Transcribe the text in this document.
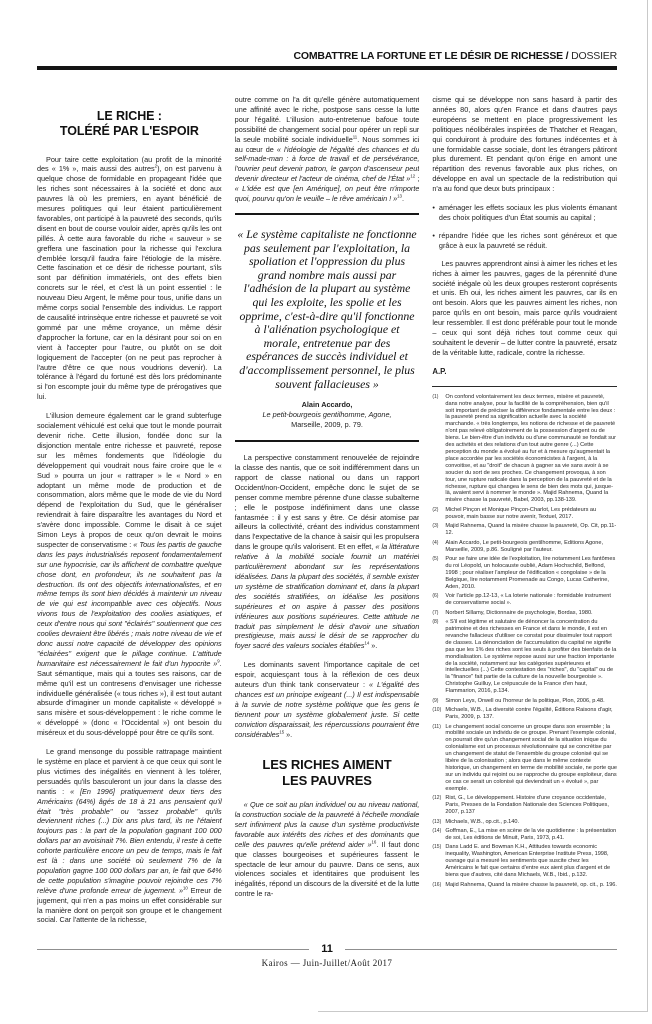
COMBATTRE LA FORTUNE ET LE DÉSIR DE RICHESSE / DOSSIER
LE RICHE :
TOLÉRÉ PAR L'ESPOIR

Pour taire cette exploitation (au profit de la minorité des « 1% », mais aussi des autres$^2$), on est parvenu à quelque chose de formidable en propageant l'idée que les riches sont nécessaires à la société et donc aux pauvres là où les premiers, en ayant bénéficié de mesures politiques qui leur étaient particulièrement favorables, ont participé à la pauvreté des seconds, qu'ils disent en bout de course vouloir aider, après qu'ils les ont pillés. À cette aura favorable du riche « sauveur » se greffera une fascination pour la richesse qui l'exclura d'emblée lorsqu'il faudra faire l'étiologie de la misère. Cette fascination et ce désir de richesse pourtant, s'ils sont par définition immatériels, ont des effets bien concrets sur le réel, et c'est là un point essentiel : le nouveau Dieu Argent, le même pour tous, unifie dans un même corps social l'ensemble des individus. Le rapport de causalité intrinsèque entre richesse et pauvreté se voit gommé par une même croyance, un même désir d'approcher la fortune, car en la désirant pour soi on en vient à l'accepter pour l'autre, ou plutôt on se doit logiquement de l'accepter (on ne peut pas reprocher à l'autre d'être ce que nous voudrions devenir). La tolérance à l'égard du fortuné est dès lors prédominante si l'on escompte jouir du même type de prérogatives que lui.

L'illusion demeure également car le grand subterfuge socialement véhiculé est celui que tout le monde pourrait devenir riche. Cette illusion, fondée donc sur la disjonction mentale entre richesse et pauvreté, repose sur les mêmes fondements que l'idéologie du développement qui voudrait nous faire croire que le « Sud » pourra un jour « rattraper » le « Nord » en adoptant un même mode de production et de consommation, alors même que le mode de vie du Nord dépend de l'exploitation du Sud, que le généraliser reviendrait à faire disparaître les avantages du Nord et s'avère donc impossible. Comme le disait à ce sujet Simon Leys à propos de ceux qu'on devrait le moins suspecter de conservatisme : « Tous les partis de gauche dans les pays industrialisés reposent fondamentalement sur une hypocrisie, car ils affichent de combattre quelque chose dont, en profondeur, ils ne souhaitent pas la destruction. Ils ont des objectifs internationalistes, et en même temps ils sont bien décidés à maintenir un niveau de vie qui est incompatible avec ces objectifs. Nous vivons tous de l'exploitation des coolies asiatiques, et ceux d'entre nous qui sont "éclairés" soutiennent que ces coolies devraient être libérés ; mais notre niveau de vie et donc aussi notre capacité de développer des opinions "éclairées" exigent que le pillage continue. L'attitude humanitaire est nécessairement le fait d'un hypocrite »$^9$. Saut sémantique, mais qui a toutes ses raisons, car de même qu'il est un contresens d'envisager une richesse individuelle généralisée (« tous riches »), il est tout autant absurde d'imaginer un monde capitaliste « développé » sans misère et sous-développement : le riche comme le « développé » (donc « l'Occidental ») ont besoin du miséreux et du sous-développé pour être ce qu'ils sont.

Le grand mensonge du possible rattrapage maintient le système en place et parvient à ce que ceux qui sont le plus victimes des inégalités en viennent à les tolérer, persuadés qu'ils basculeront un jour dans la classe des nantis : « [En 1996] pratiquement deux tiers des Américains (64%) âgés de 18 à 21 ans pensaient qu'il était "très probable" ou "assez probable" qu'ils deviennent riches (...) Dix ans plus tard, ils ne l'étaient toujours pas : la part de la population gagnant 100 000 dollars par an avoisinait 7%. Bien entendu, il reste à cette cohorte particulière encore un peu de temps, mais le fait est là : dans une société où seulement 7% de la population gagne 100 000 dollars par an, le fait que 64% de cette population s'imagine pouvoir rejoindre ces 7% relève d'une profonde erreur de jugement. »$^{10}$ Erreur de jugement, qui n'en a pas moins un effet considérable sur la manière dont on perçoit son groupe et le changement social. Car l'attente de la richesse,

outre comme on l'a dit qu'elle génère automatiquement une affinité avec le riche, postpose sans cesse la lutte pour l'égalité. L'illusion auto-entretenue bafoue toute possibilité de changement social pour opérer un repli sur la seule mobilité sociale individuelle$^{11}$. Nous sommes ici au cœur de « l'idéologie de l'égalité des chances et du self-made-man : à force de travail et de persévérance, l'ouvrier peut devenir patron, le garçon d'ascenseur peut devenir directeur et l'acteur de cinéma, chef de l'État »$^{12}$ ; « L'idée est que [en Amérique], on peut être n'importe quoi, pourvu qu'on le veuille – le rêve américain ! »$^{13}$.

« Le système capitaliste ne fonctionne pas seulement par l'exploitation, la spoliation et l'oppression du plus grand nombre mais aussi par l'adhésion de la plupart au système qui les exploite, les spolie et les opprime, c'est-à-dire qu'il fonctionne à l'aliénation psychologique et morale, entretenue par des espérances de succès individuel et d'accomplissement personnel, le plus souvent fallacieuses »
Alain Accardo,
Le petit-bourgeois gentilhomme, Agone,
Marseille, 2009, p. 79.

La perspective constamment renouvelée de rejoindre la classe des nantis, que ce soit indifféremment dans un rapport de classe national ou dans un rapport Occident/non-Occident, empêche donc le sujet de se penser comme membre pérenne d'une classe subalterne ; elle le postpose indéfiniment dans une classe fantasmée : il y est sans y être. Ce désir atomise par ailleurs la collectivité, créant des individus constamment dans l'expectative de la chance à saisir qui les propulsera dans le groupe qu'ils valorisent. Et en effet, « la littérature relative à la mobilité sociale fournit un matériel particulièrement abondant sur les représentations idéalisées. Dans la plupart des sociétés, il semble exister un système de stratification dominant et, dans la plupart des sociétés stratifiées, on idéalise les positions supérieures et on aspire à passer des positions inférieures aux positions supérieures. Cette attitude ne traduit pas simplement le désir d'avoir une situation prestigieuse, mais aussi le désir de se rapprocher du foyer sacré des valeurs sociales établies$^{14}$ ».

Les dominants savent l'importance capitale de cet espoir, acquiesçant tous à la réflexion de ces deux auteurs d'un think tank conservateur : « L'égalité des chances est un principe exigeant (...) Il est indispensable à la survie de notre système politique que les gens le tiennent pour un système globalement juste. Si cette conviction disparaissait, les répercussions pourraient être considérables$^{15}$ ».

LES RICHES AIMENT
LES PAUVRES

« Que ce soit au plan individuel ou au niveau national, la construction sociale de la pauvreté à l'échelle mondiale sert infiniment plus la cause d'un système productiviste favorable aux intérêts des riches et des dominants que celle des pauvres qu'elle prétend aider »$^{16}$. Il faut donc que classes bourgeoises et supérieures fassent le spectacle de leur amour du pauvre. Dans ce sens, aux violences sociales et identitaires que produisent les inégalités, répond un discours de la diversité et de la lutte contre le ra-

cisme qui se développe non sans hasard à partir des années 80, alors qu'en France et dans d'autres pays européens se mettent en place progressivement les politiques néolibérales inspirées de Thatcher et Reagan, qui conduiront à produire des fortunes indécentes et à une formidable casse sociale, dont les étrangers pâtiront plus durement. Et pendant qu'on érige en amont une répartition des revenus favorable aux plus riches, on développe en aval un spectacle de la redistribution qui n'a au fond que deux buts principaux :

• aménager les effets sociaux les plus violents émanant des choix politiques d'un État soumis au capital ;
• répandre l'idée que les riches sont généreux et que grâce à eux la pauvreté se réduit.

Les pauvres apprendront ainsi à aimer les riches et les riches à aimer les pauvres, gages de la pérennité d'une société inégale où les deux groupes resteront coprésents et unis. Eh oui, les riches aiment les pauvres, car ils en ont besoin. Alors que les pauvres aiment les riches, non parce qu'ils en ont besoin, mais parce qu'ils voudraient leur ressembler. Il est donc préférable pour tout le monde – ceux qui sont déjà riches tout comme ceux qui souhaitent le devenir – de lutter contre la pauvreté, ersatz de la véritable lutte, radicale, contre la richesse.

A.P.
(1)	On confond volontairement les deux termes, misère et pauvreté, dans notre analyse, pour la facilité de la compréhension, bien qu'il soit important de préciser la différence fondamentale entre les deux : la pauvreté prend sa signification actuelle avec la société marchande. « très longtemps, les notions de richesse et de pauvreté n'ont pas relevé obligatoirement de la possession d'argent ou de biens. Le bien-être d'un individu ou d'une communauté se fondait sur des activités et des relations d'un tout autre genre (...) Cette perception du monde a évolué au fur et à mesure qu'augmentait la place accordée par les sociétés économicistes à l'argent, à la convoitise, et au "droit" de chacun à gagner sa vie sans avoir à se soucier du sort de ses proches. Ce changement provoqua, à son tour, une rupture radicale dans la perception de la pauvreté et de la richesse, rupture qui changea le sens de bien des mots qui, jusque-là, avaient servi à nommer le monde ». Majid Rahnema, Quand la misère chasse la pauvreté, Babel, 2003, pp.138-139.
(2)	Michel Pinçon et Monique Pinçon-Charlot, Les prédateurs au pouvoir, main basse sur notre avenir, Textuel, 2017.
(3)	Majid Rahnema, Quand la misère chasse la pauvreté, Op. Cit, pp.11-12.
(4)	Alain Accardo, Le petit-bourgeois gentilhomme, Editions Agone, Marseille, 2009, p.86. Souligné par l'auteur.
(5)	Pour se faire une idée de l'exploitation, lire notamment Les fantômes du roi Léopold, un holocauste oublié, Adam Hochschild, Belfond, 1998 ; pour réaliser l'ampleur de l'édification « congolaise » de la Belgique, lire notamment Promenade au Congo, Lucas Catherine, Aden, 2010.
(6)	Voir l'article pp.12-13, « La loterie nationale : formidable instrument de conservatisme social ».
(7)	Norbert Sillamy, Dictionnaire de psychologie, Bordas, 1980.
(8)	« S'il est légitime et salutaire de dénoncer la concentration du patrimoine et des richesses en France et dans le monde, il est en revanche fallacieux d'utiliser ce constat pour dissimuler tout rapport de classes. La dénonciation de l'accumulation du capital ne signifie pas que les 1% des riches sont les seuls à profiter des bienfaits de la mondialisation. Le système repose aussi sur une fraction importante de la société, notamment sur les catégories supérieures et intellectuelles (...) Cette contestation des "riches", du "capital" ou de la "finance" fait partie de la culture de la nouvelle bourgeoisie ». Christophe Guilluy, Le crépuscule de la France d'en haut, Flammarion, 2016, p.134.
(9)	Simon Leys, Orwell ou l'horreur de la politique, Plon, 2006, p.48.
(10) Michaels, W.B., La diversité contre l'égalité, Éditions Raisons d'agir, Paris, 2009, p. 137.
(11) Le changement social concerne un groupe dans son ensemble ; la mobilité sociale un individu de ce groupe. Prenant l'exemple colonial, on pourrait dire qu'un changement social de la situation inique du colonialisme est un processus révolutionnaire qui se concrétise par un changement de statut de l'ensemble du groupe colonisé qui se libère de la colonisation ; alors que dans le même contexte historique, un changement en terme de mobilité sociale, ne porte que sur un individu qui rejoint ou se rapproche du groupe exploiteur, dans ce cas ce serait un colonisé qui deviendrait un « évolué », par exemple.
(12) Rist, G., Le développement. Histoire d'une croyance occidentale, Paris, Presses de la Fondation Nationale des Sciences Politiques, 2007, p.137
(13) Michaels, W.B., op.cit., p.140.
(14) Goffman, E., La mise en scène de la vie quotidienne : la présentation de soi, Les éditions de Minuit, Paris, 1973, p.41.
(15) Dans Ladd E. and Bowman K.H., Attitudes towards economic inequality, Washington, American Enterprise Institute Press, 1998, ouvrage qui a mesuré les sentiments que suscite chez les Américains le fait que certains d'entre eux aient plus d'argent et de biens que d'autres, cité dans Michaels, W.B., Ibid., p.132.
(16) Majid Rahnema, Quand la misère chasse la pauvreté, op. cit., p. 196.
11
Kairos — Juin-Juillet/Août 2017
